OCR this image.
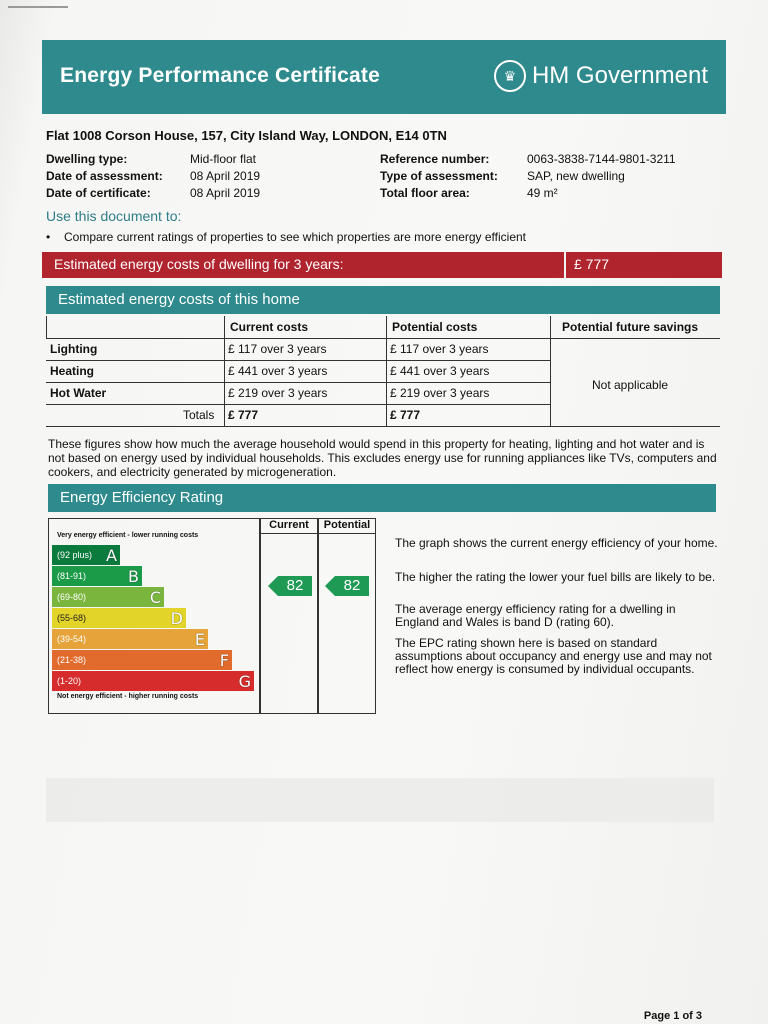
Energy Performance Certificate	♛ HM Government
Flat 1008 Corson House, 157, City Island Way, LONDON, E14 0TN
Dwelling type:	Mid-floor flat
Date of assessment: 08 April 2019
Date of certificate:	08 April 2019
Reference number:	0063-3838-7144-9801-3211
Type of assessment: SAP, new dwelling
Total floor area:	49 m²
Use this document to:
• Compare current ratings of properties to see which properties are more energy efficient
Estimated energy costs of dwelling for 3 years:	£ 777
Estimated energy costs of this home
Current costs	Potential costs	Potential future savings
Lighting	£ 117 over 3 years	£ 117 over 3 years
Heating	£ 441 over 3 years	£ 441 over 3 years
Hot Water	£ 219 over 3 years	£ 219 over 3 years
Totals £ 777	£ 777
Not applicable
These figures show how much the average household would spend in this property for heating, lighting and hot water and is not based on energy used by individual households. This excludes energy use for running appliances like TVs, computers and cookers, and electricity generated by microgeneration.
Energy Efficiency Rating
Very energy efficient - lower running costs
(92 plus) A
(81-91)	B
(69-80)	C
(55-68)	D
(39-54)	E
(21-38)	F
(1-20)	G
Not energy efficient - higher running costs
Current	Potential
82	82
The graph shows the current energy efficiency of your home.
The higher the rating the lower your fuel bills are likely to be.
The average energy efficiency rating for a dwelling in England and Wales is band D (rating 60).
The EPC rating shown here is based on standard assumptions about occupancy and energy use and may not reflect how energy is consumed by individual occupants.
Page 1 of 3
